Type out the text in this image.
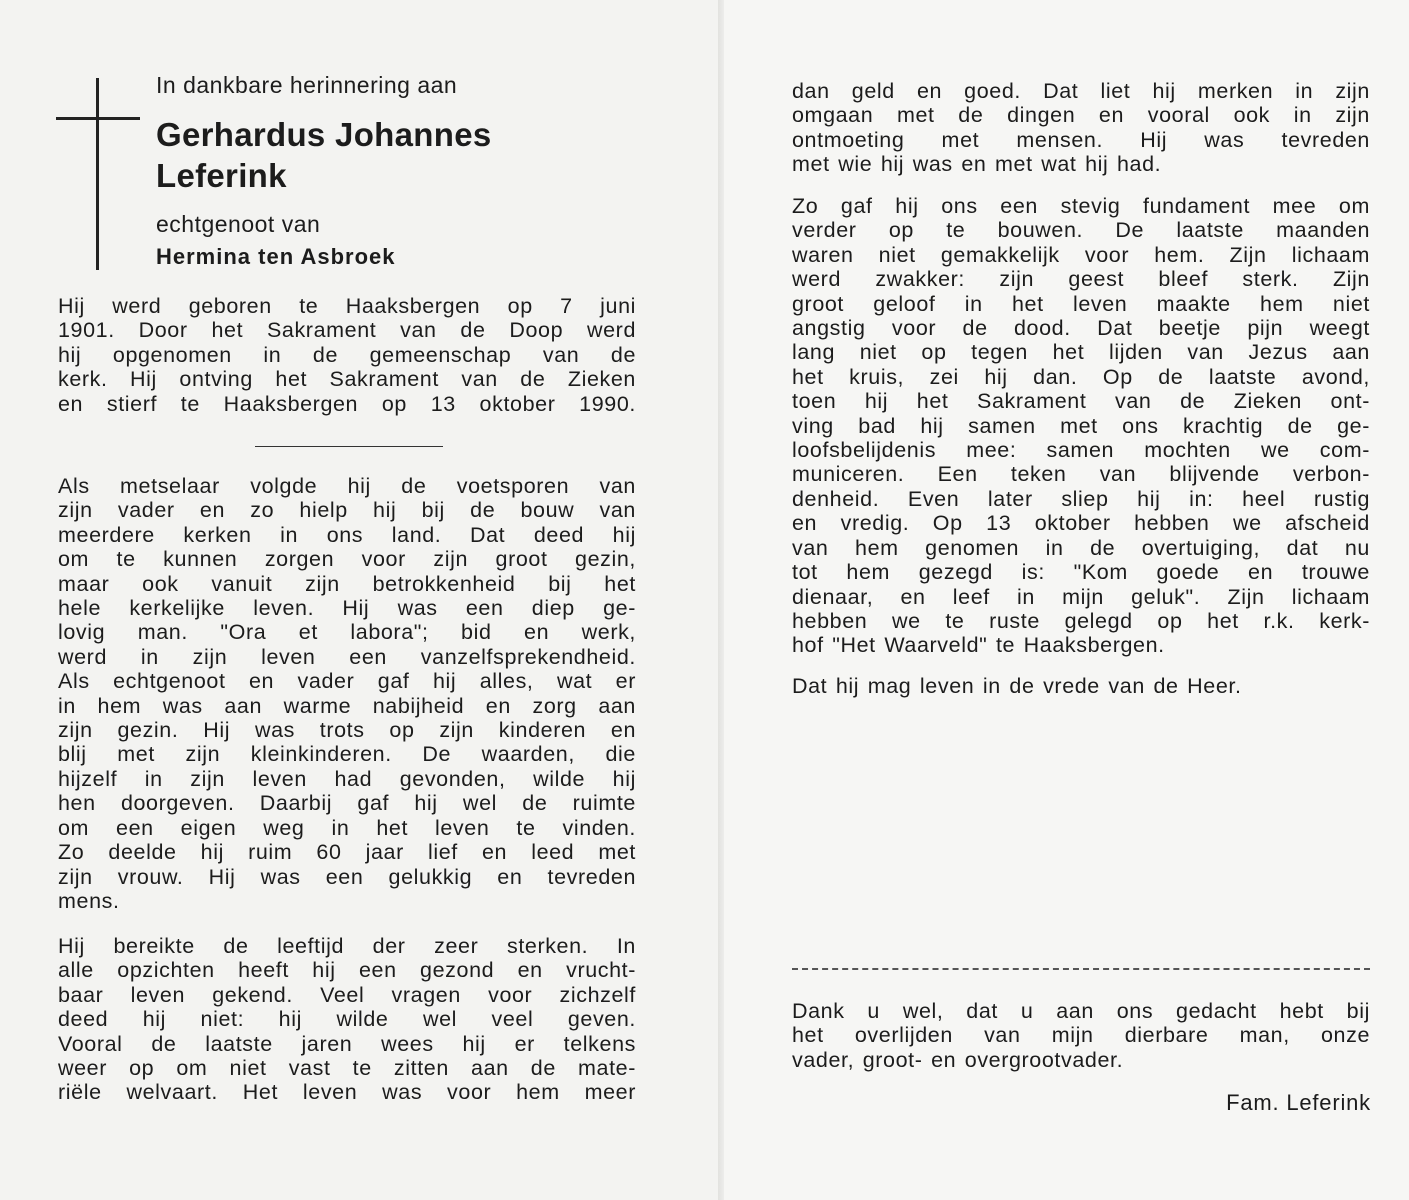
In dankbare herinnering aan
Gerhardus Johannes
Leferink
echtgenoot van
Hermina ten Asbroek
Hij werd geboren te Haaksbergen op 7 juni
1901. Door het Sakrament van de Doop werd
hij opgenomen in de gemeenschap van de
kerk. Hij ontving het Sakrament van de Zieken
en stierf te Haaksbergen op 13 oktober 1990.
Als metselaar volgde hij de voetsporen van
zijn vader en zo hielp hij bij de bouw van
meerdere kerken in ons land. Dat deed hij
om te kunnen zorgen voor zijn groot gezin,
maar ook vanuit zijn betrokkenheid bij het
hele kerkelijke leven. Hij was een diep ge-
lovig man. "Ora et labora"; bid en werk,
werd in zijn leven een vanzelfsprekendheid.
Als echtgenoot en vader gaf hij alles, wat er
in hem was aan warme nabijheid en zorg aan
zijn gezin. Hij was trots op zijn kinderen en
blij met zijn kleinkinderen. De waarden, die
hijzelf in zijn leven had gevonden, wilde hij
hen doorgeven. Daarbij gaf hij wel de ruimte
om een eigen weg in het leven te vinden.
Zo deelde hij ruim 60 jaar lief en leed met
zijn vrouw. Hij was een gelukkig en tevreden
mens.
Hij bereikte de leeftijd der zeer sterken. In
alle opzichten heeft hij een gezond en vrucht-
baar leven gekend. Veel vragen voor zichzelf
deed hij niet: hij wilde wel veel geven.
Vooral de laatste jaren wees hij er telkens
weer op om niet vast te zitten aan de mate-
riële welvaart. Het leven was voor hem meer
dan geld en goed. Dat liet hij merken in zijn
omgaan met de dingen en vooral ook in zijn
ontmoeting met mensen. Hij was tevreden
met wie hij was en met wat hij had.
Zo gaf hij ons een stevig fundament mee om
verder op te bouwen. De laatste maanden
waren niet gemakkelijk voor hem. Zijn lichaam
werd zwakker: zijn geest bleef sterk. Zijn
groot geloof in het leven maakte hem niet
angstig voor de dood. Dat beetje pijn weegt
lang niet op tegen het lijden van Jezus aan
het kruis, zei hij dan. Op de laatste avond,
toen hij het Sakrament van de Zieken ont-
ving bad hij samen met ons krachtig de ge-
loofsbelijdenis mee: samen mochten we com-
municeren. Een teken van blijvende verbon-
denheid. Even later sliep hij in: heel rustig
en vredig. Op 13 oktober hebben we afscheid
van hem genomen in de overtuiging, dat nu
tot hem gezegd is: "Kom goede en trouwe
dienaar, en leef in mijn geluk". Zijn lichaam
hebben we te ruste gelegd op het r.k. kerk-
hof "Het Waarveld" te Haaksbergen.
Dat hij mag leven in de vrede van de Heer.
Dank u wel, dat u aan ons gedacht hebt bij
het overlijden van mijn dierbare man, onze
vader, groot- en overgrootvader.
Fam. Leferink
